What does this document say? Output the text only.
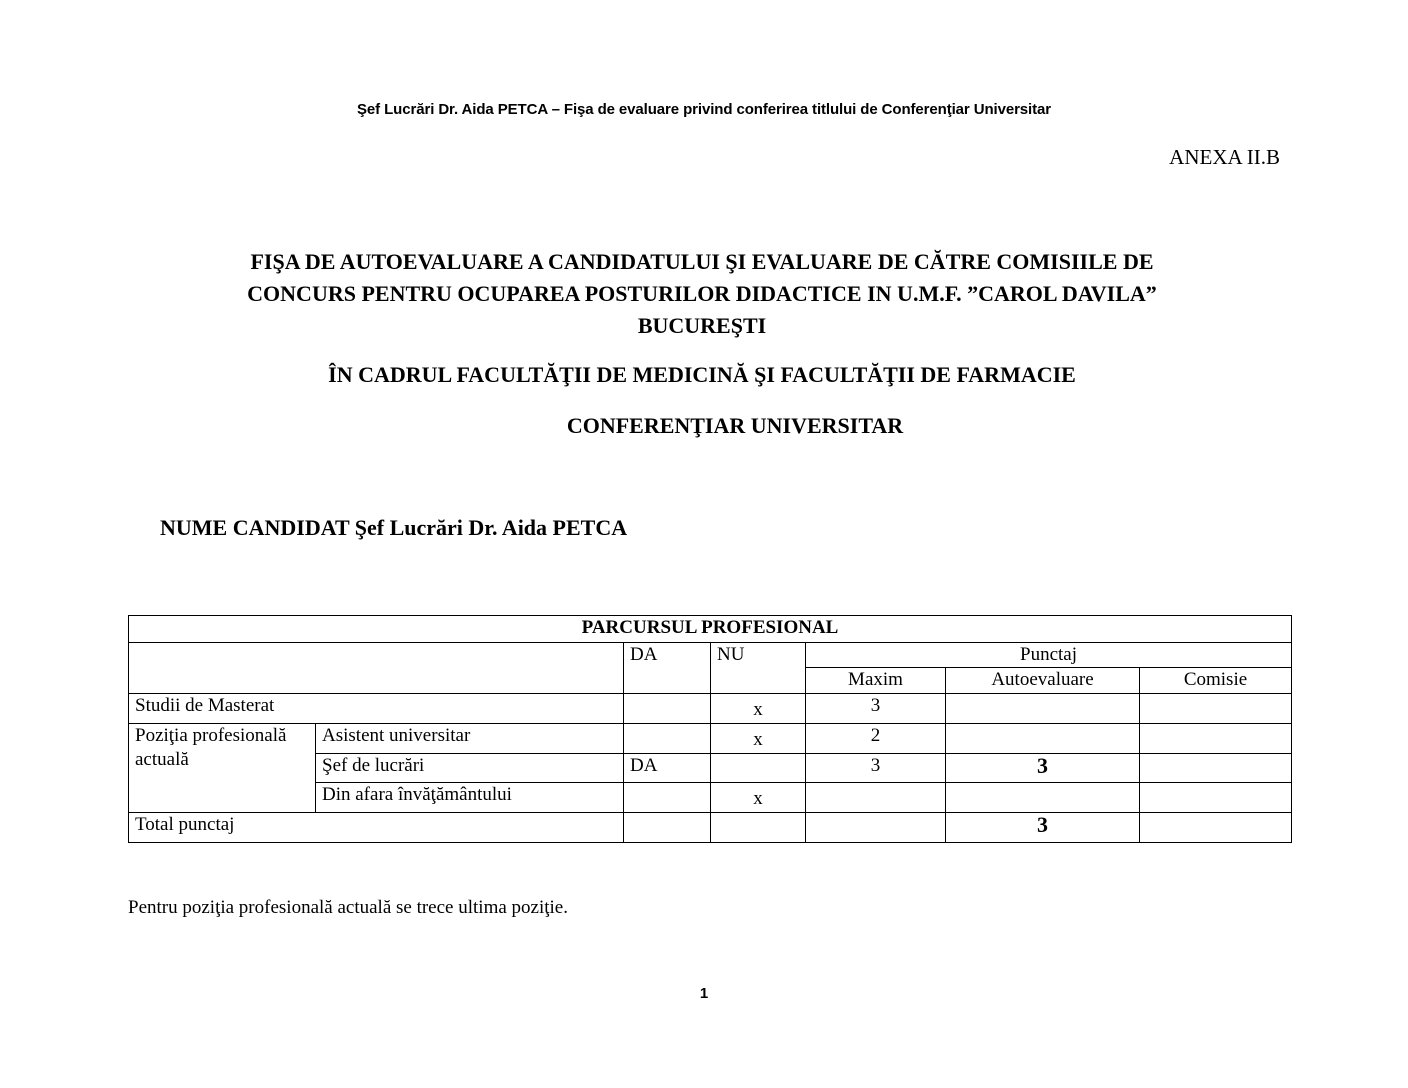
Şef Lucrări Dr. Aida PETCA – Fişa de evaluare privind conferirea titlului de Conferenţiar Universitar
ANEXA II.B
FIŞA DE AUTOEVALUARE A CANDIDATULUI ŞI EVALUARE DE CĂTRE COMISIILE DE
CONCURS PENTRU OCUPAREA POSTURILOR DIDACTICE IN U.M.F. ”CAROL DAVILA”
BUCUREŞTI
ÎN CADRUL FACULTĂŢII DE MEDICINĂ ŞI FACULTĂŢII DE FARMACIE
CONFERENŢIAR UNIVERSITAR
NUME CANDIDAT Şef Lucrări Dr. Aida PETCA
PARCURSUL PROFESIONAL						
		DA	NU	Punctaj		
				Maxim	Autoevaluare	Comisie
Studii de Masterat			x	3		
Poziţia profesională actuală	Asistent universitar		x	2		
	Şef de lucrări	DA		3	3	
	Din afara învăţământului		x			
Total punctaj					3	
Pentru poziţia profesională actuală se trece ultima poziţie.
1
